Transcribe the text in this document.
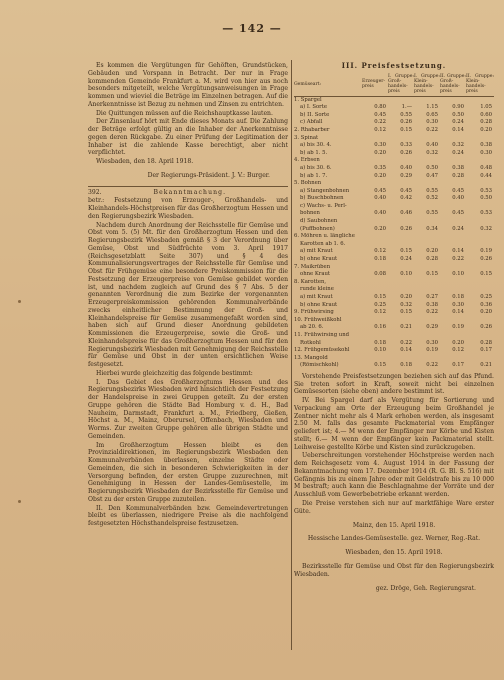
— 142 —

Es kommen die Vergütungen für Gehöften, Grundstücken, Gebäuden und Vorspann in Betracht. Der nur in Frage kommenden Gemeinde Frankfurt a. M. wird von hier aus noch besonders mitgeteilt, welche Vergütungsanweisungen in Frage kommen und wieviel die Beträge im Einzelnen betragen. Auf die Anerkenntnisse ist Bezug zu nehmen und Zinsen zu entrichten.

Die Quittungen müssen auf die Reichshauptkasse lauten.

Der Zinsenlauf hört mit Ende dieses Monats auf. Die Zahlung der Beträge erfolgt gültig an die Inhaber der Anerkenntnisse gegen deren Rückgabe. Zu einer Prüfung der Legitimation der Inhaber ist die zahlende Kasse berechtigt, aber nicht verpflichtet.

Wiesbaden, den 18. April 1918.

Der Regierungs-Präsident. J. V.: Burger.

392.	Bekanntmachung.

betr.: Festsetzung von Erzeuger-, Großhandels- und Kleinhandels-Höchstpreisen für das Großherzogtum Hessen und den Regierungsbezirk Wiesbaden.

Nachdem durch Anordnung der Reichsstelle für Gemüse und Obst vom 5. (5) Mt. für den Großherzogtum Hessen und den Regierungsbezirk Wiesbaden gemäß § 3 der Verordnung über Gemüse, Obst und Südfrüchte vom 3. April 1917 (Reichsgesetzblatt Seite 307) und § 4 des Kommunalisierungsvertrages der Reichsstelle für Gemüse und Obst für Frühgemüse eine besondere Preiskommission für die Festsetzung der Erzeugerpreise von Gemüse gebildet worden ist, und nachdem zugleich auf Grund des § 7 Abs. 5 der genannten Verordnung die zum Bezirke der vorgenannten Erzeugerpreiskommission gehörenden Kommunalverbände zwecks einheitlicher Bestimmung der Groß- und Kleinhandelspreise für Gemüse zusammengefaßt worden sind, haben sich auf Grund dieser Anordnung gebildeten Kommissionen die Erzeugerpreise, sowie die Groß- und Kleinhandelspreise für das Großherzogtum Hessen und für den Regierungsbezirk Wiesbaden mit Genehmigung der Reichsstelle für Gemüse und Obst in der unten ersichtlichen Weise festgesetzt.

Hierbei wurde gleichzeitig das folgende bestimmt:

I. Das Gebiet des Großherzogtums Hessen und des Regierungsbezirks Wiesbaden wird hinsichtlich der Festsetzung der Handelspreise in zwei Gruppen geteilt. Zu der ersten Gruppe gehören die Städte Bad Homburg v. d. H., Bad Nauheim, Darmstadt, Frankfurt a. M., Friedberg, Gießen, Höchst a. M., Mainz, Oberursel, Offenbach, Wiesbaden und Worms. Zur zweiten Gruppe gehören alle übrigen Städte und Gemeinden.

Im Großherzogtum Hessen bleibt es den Provinzialdirektionen, im Regierungsbezirk Wiesbaden den Kommunalverbänden überlassen, einzelne Städte oder Gemeinden, die sich in besonderen Schwierigkeiten in der Versorgung befinden, der ersten Gruppe zuzurechnen, mit Genehmigung in Hessen der Landes-Gemüsestelle, im Regierungsbezirk Wiesbaden der Bezirksstelle für Gemüse und Obst zu der ersten Gruppe zuzuteilen.

II. Den Kommunalverbänden bzw. Gemeindevertretungen bleibt es überlassen, niedrigere Preise als die nachfolgend festgesetzten Höchsthandelspreise festzusetzen.

III. Preisfestsetzung.

Gemüseart:	Erzeuger-preis	I. Gruppe: Groß-handels-preis	I. Gruppe: Klein-handels-preis	II. Gruppe: Groß-handels-preis	II. Gruppe: Klein-handels-preis
1. Spargel					
a) I. Sorte	0.80	1.—	1.15	0.90	1.05
b) II. Sorte	0.45	0.55	0.65	0.50	0.60
c) Abfall	0.22	0.26	0.30	0.24	0.28
2. Rhabarber	0.12	0.15	0.22	0.14	0.20
3. Spinat					
a) bis 30. 4.	0.30	0.33	0.40	0.32	0.38
b) ab 1. 5.	0.20	0.26	0.32	0.24	0.30
4. Erbsen					
a) bis 30. 6.	0.35	0.40	0.50	0.38	0.48
b) ab 1. 7.	0.20	0.29	0.47	0.28	0.44
5. Bohnen					
a) Stangenbohnen	0.45	0.45	0.55	0.45	0.53
b) Buschbohnen	0.40	0.42	0.52	0.40	0.50
c) Wachs- u. Perl-					
bohnen	0.40	0.46	0.55	0.45	0.53
d) Saubohnen					
(Puffbohnen)	0.20	0.26	0.34	0.24	0.32
6. Möhren u. längliche					
Karotten ab 1. 6.					
a) mit Kraut	0.12	0.15	0.20	0.14	0.19
b) ohne Kraut	0.18	0.24	0.28	0.22	0.26
7. Maikrüben					
ohne Kraut	0.08	0.10	0.15	0.10	0.15
8. Karotten,					
runde kleine					
a) mit Kraut	0.15	0.20	0.27	0.18	0.25
b) ohne Kraut	0.25	0.32	0.38	0.30	0.36
9. Frühwirsing	0.12	0.15	0.22	0.14	0.20
10. Frühweißkohl					
ab 20. 6.	0.16	0.21	0.29	0.19	0.26
11. Frühwirsing und					
Rotkohl	0.18	0.22	0.30	0.20	0.28
12. Frühgemüsekohl	0.10	0.14	0.19	0.12	0.17
13. Mangold					
(Römischkohl)	0.15	0.18	0.22	0.17	0.21

Vorstehende Preisfestsetzungen beziehen sich auf das Pfund. Sie treten sofort in Kraft, soweit nicht bei einzelnen Gemüsesorten (siehe oben) andere bestimmt ist.

IV. Bei Spargel darf als Vergütung für Sortierung und Verpackung am Orte der Erzeugung beim Großhandel je Zentner nicht mehr als 4 Mark erhoben werden, als insgesamt 2.50 M. falls das gesamte Packmaterial vom Empfänger geliefert ist; 4.— M wenn der Empfänger nur Körbe und Kisten stellt; 6.— M wenn der Empfänger kein Packmaterial stellt. Leihweise gestellte Körbe und Kisten sind zurückzugeben.

Ueberschreitungen vorstehender Höchstpreise werden nach dem Reichsgesetz vom 4. August 1914 in der Fassung der Bekanntmachung vom 17. Dezember 1914 (R. G. Bl. S. 516) mit Gefängnis bis zu einem Jahre oder mit Geldstrafe bis zu 10 000 M bestraft; auch kann die Beschlagnahme der Vorräte und der Ausschluß vom Gewerbebetriebe erkannt werden.

Die Preise verstehen sich nur auf marktfähige Ware erster Güte.

Mainz, den 15. April 1918.

Hessische Landes-Gemüsestelle. gez. Werner, Reg.-Rat.

Wiesbaden, den 15. April 1918.

Bezirksstelle für Gemüse und Obst für den Regierungsbezirk Wiesbaden.

gez. Dröge, Geh. Regierungsrat.
